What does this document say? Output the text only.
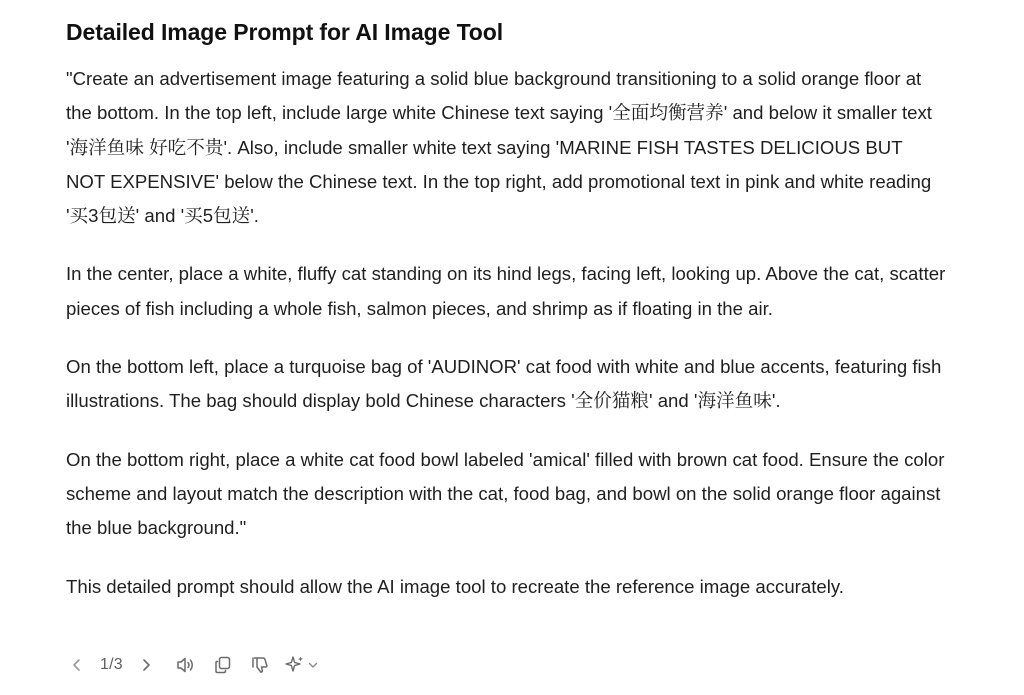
Detailed Image Prompt for AI Image Tool

"Create an advertisement image featuring a solid blue background transitioning to a solid orange floor at the bottom. In the top left, include large white Chinese text saying '全面均衡营养' and below it smaller text '海洋鱼味 好吃不贵'. Also, include smaller white text saying 'MARINE FISH TASTES DELICIOUS BUT NOT EXPENSIVE' below the Chinese text. In the top right, add promotional text in pink and white reading '买3包送' and '买5包送'.

In the center, place a white, fluffy cat standing on its hind legs, facing left, looking up. Above the cat, scatter pieces of fish including a whole fish, salmon pieces, and shrimp as if floating in the air.

On the bottom left, place a turquoise bag of 'AUDINOR' cat food with white and blue accents, featuring fish illustrations. The bag should display bold Chinese characters '全价猫粮' and '海洋鱼味'.

On the bottom right, place a white cat food bowl labeled 'amical' filled with brown cat food. Ensure the color scheme and layout match the description with the cat, food bag, and bowl on the solid orange floor against the blue background."

This detailed prompt should allow the AI image tool to recreate the reference image accurately.

1/3
